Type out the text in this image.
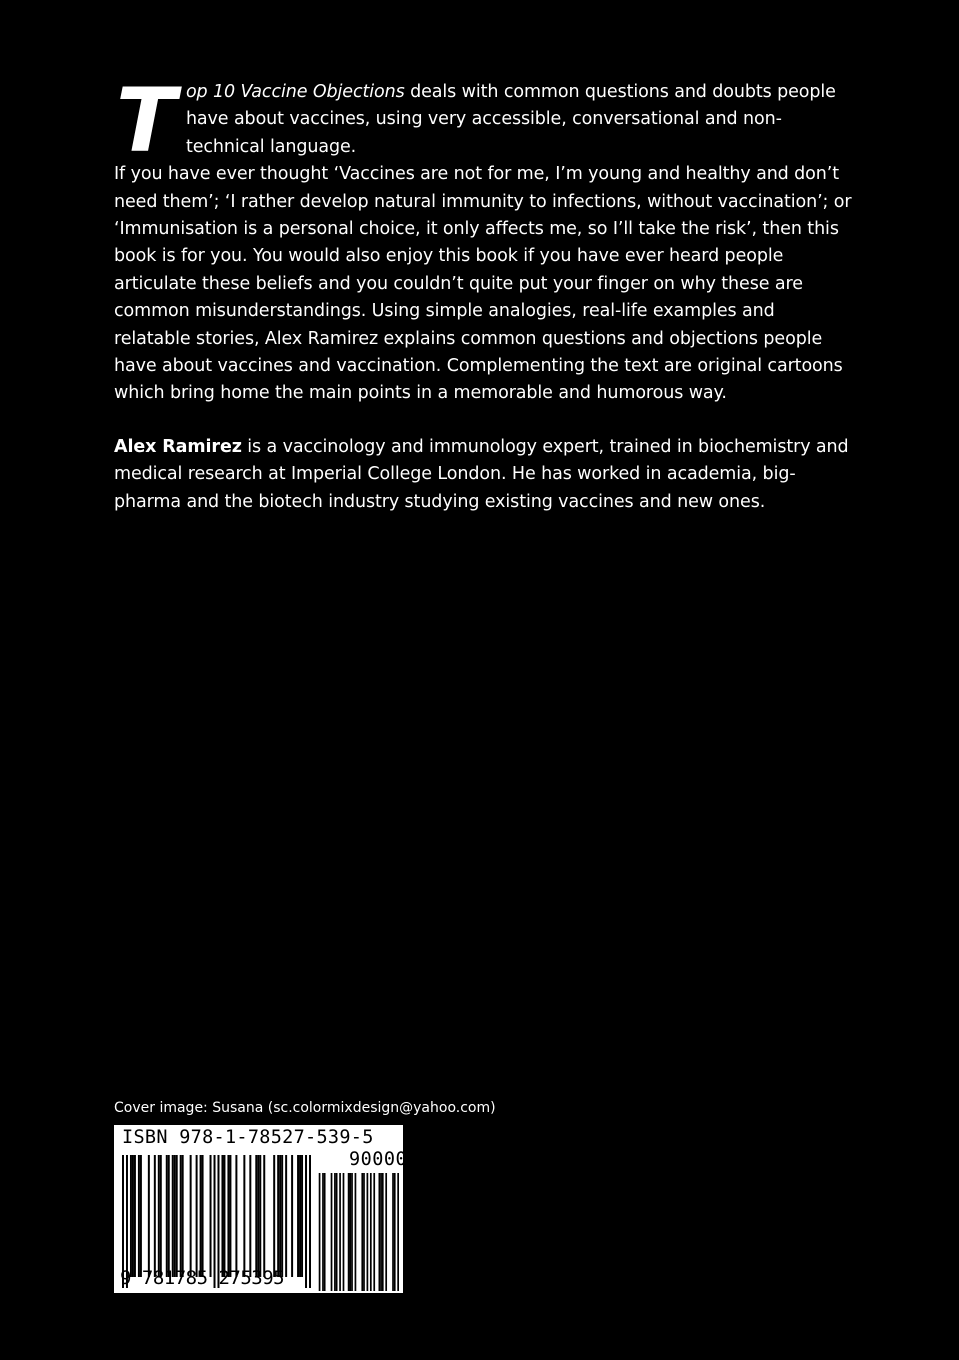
T op 10 Vaccine Objections deals with common questions and doubts people have about vaccines, using very accessible, conversational and non-technical language.

If you have ever thought ‘Vaccines are not for me, I’m young and healthy and don’t need them’; ‘I rather develop natural immunity to infections, without vaccination’; or ‘Immunisation is a personal choice, it only affects me, so I’ll take the risk’, then this book is for you. You would also enjoy this book if you have ever heard people articulate these beliefs and you couldn’t quite put your finger on why these are common misunderstandings. Using simple analogies, real-life examples and relatable stories, Alex Ramirez explains common questions and objections people have about vaccines and vaccination. Complementing the text are original cartoons which bring home the main points in a memorable and humorous way.

Alex Ramirez is a vaccinology and immunology expert, trained in biochemistry and medical research at Imperial College London. He has worked in academia, big-pharma and the biotech industry studying existing vaccines and new ones.

Cover image: Susana (sc.colormixdesign@yahoo.com)
ISBN 978-1-78527-539-5
90000
9 781785 275395
